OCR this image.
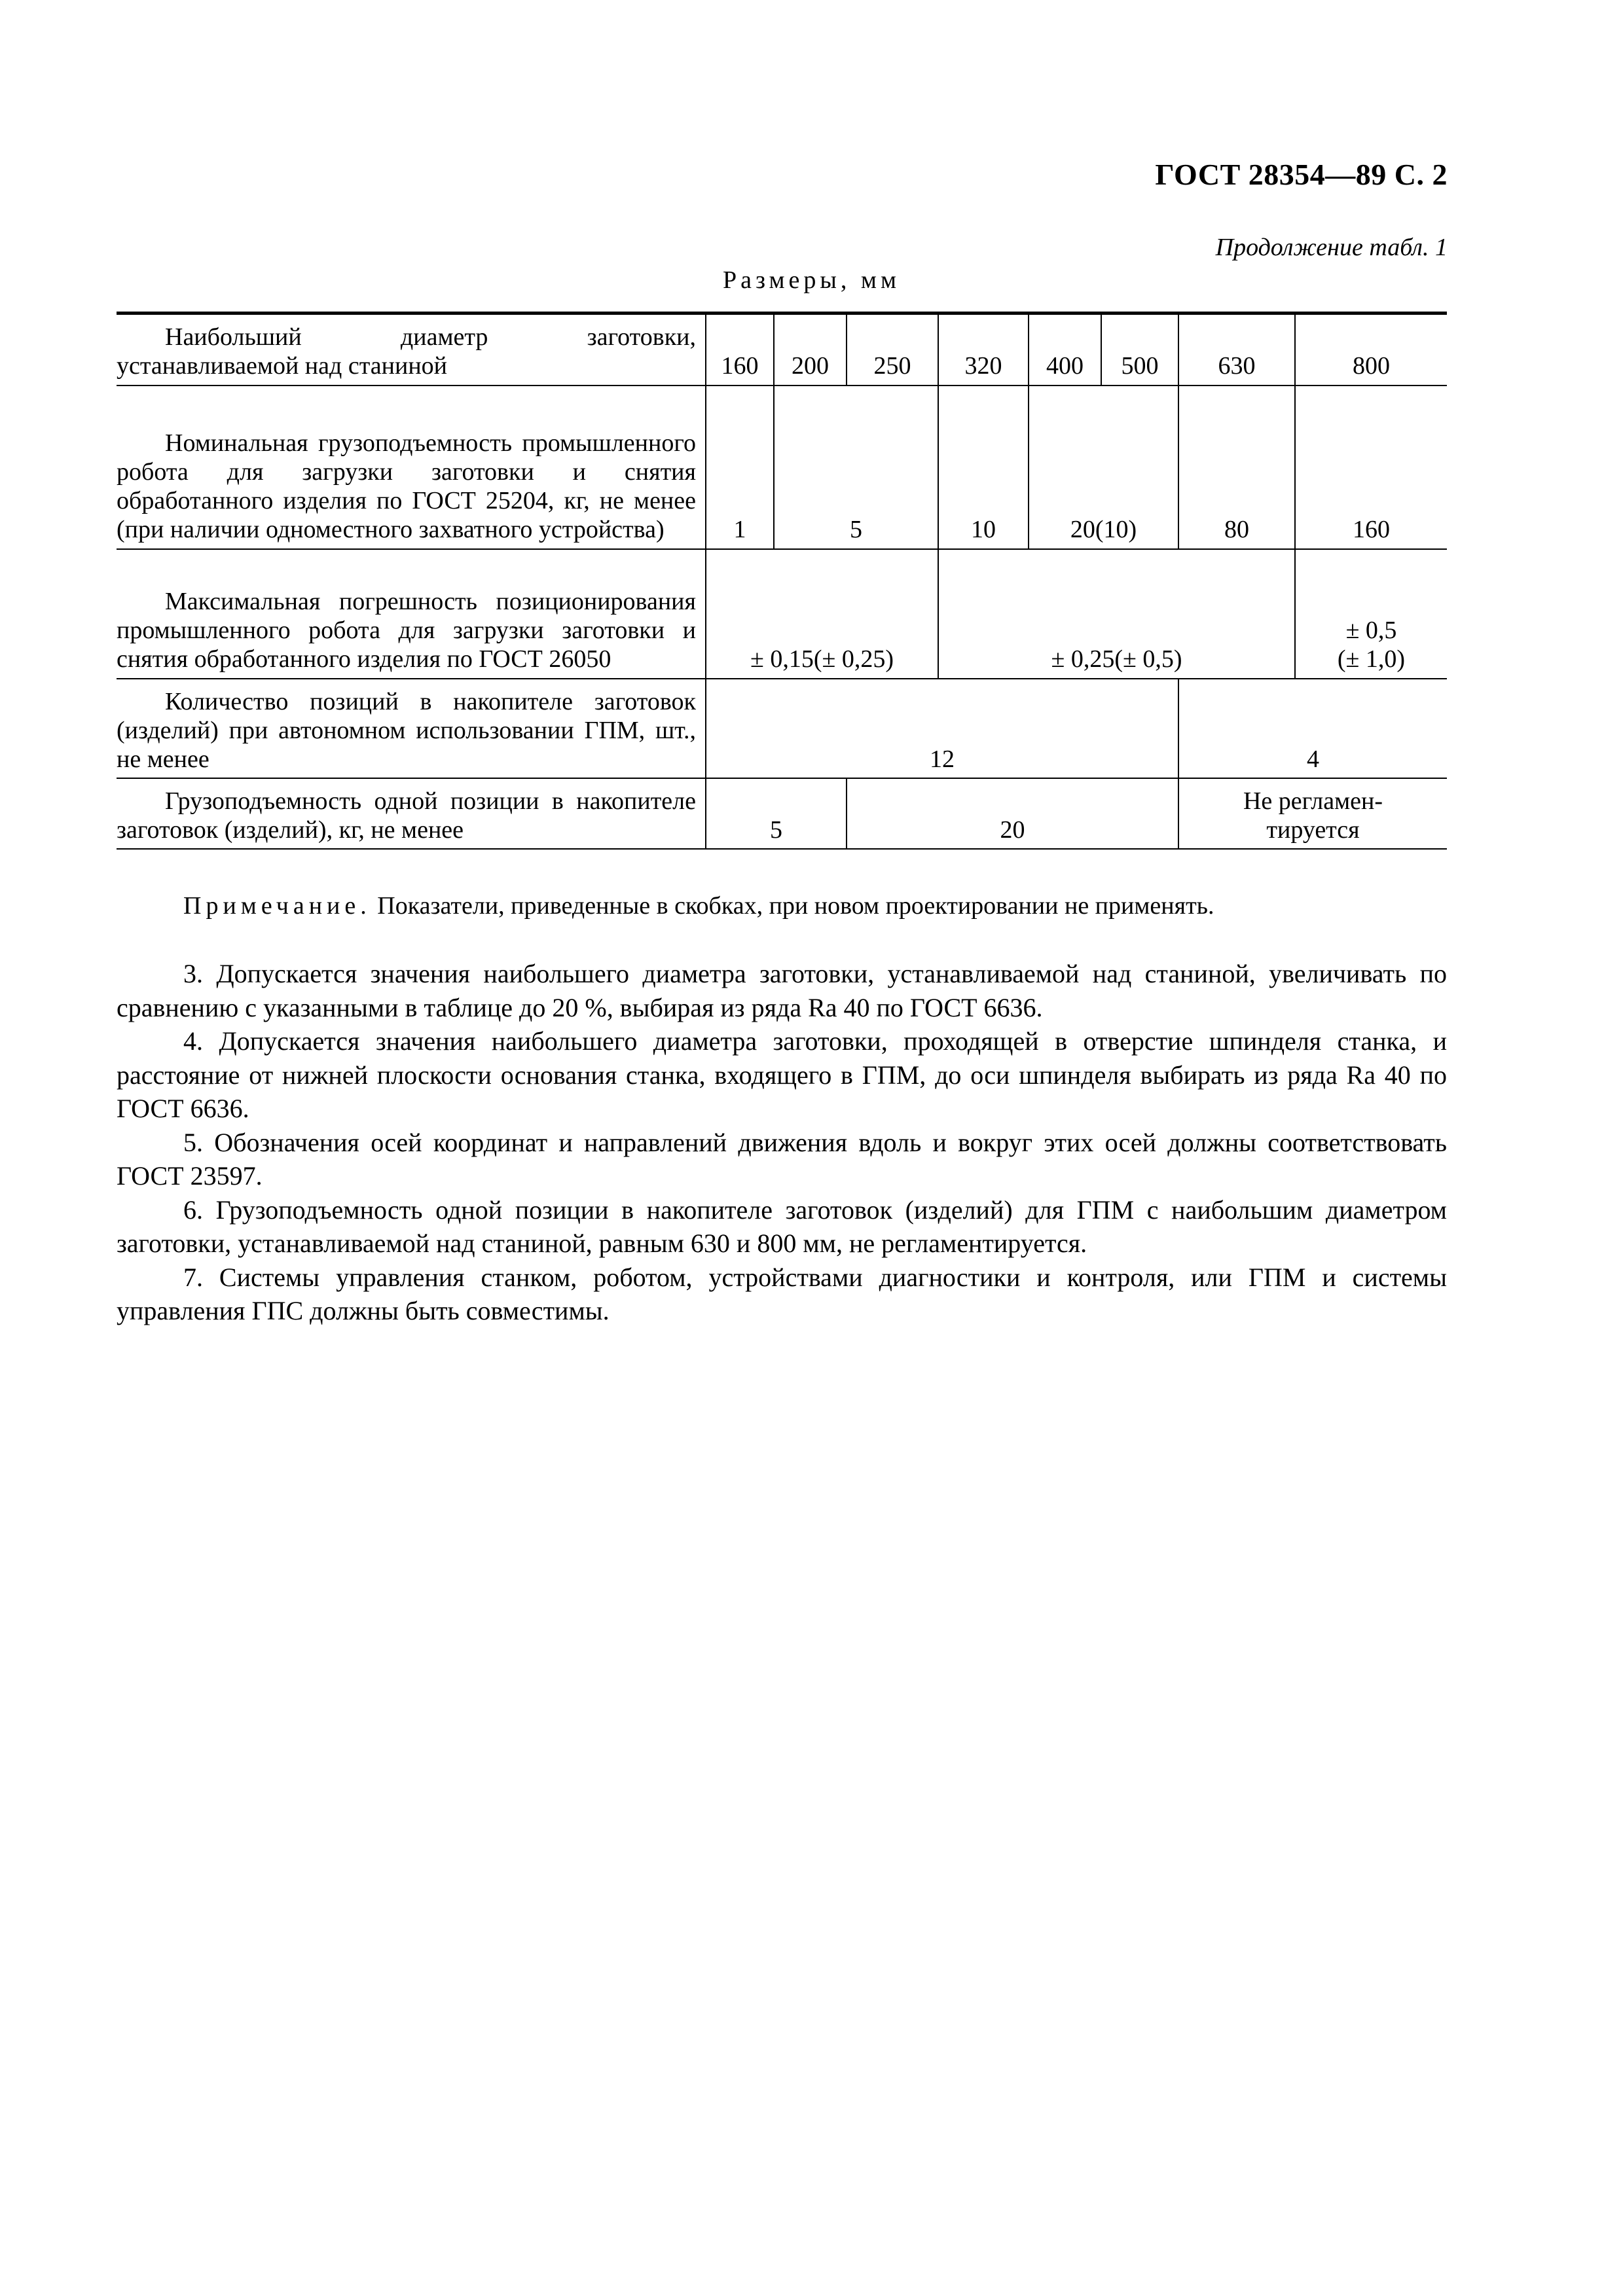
ГОСТ 28354—89 С. 2
Продолжение табл. 1
Размеры, мм
Наибольший диаметр заготовки, устанавливаемой над станиной	160	200	250	320	400	500	630	800
Номинальная грузоподъемность промышленного робота для загрузки заготовки и снятия обработанного изделия по ГОСТ 25204, кг, не менее (при наличии одноместного захватного устройства)	1	5		10	20(10)		80	160
Максимальная погрешность позиционирования промышленного робота для загрузки заготовки и снятия обработанного изделия по ГОСТ 26050	± 0,15(± 0,25)			± 0,25(± 0,5)				± 0,5
(± 1,0)
Количество позиций в накопителе заготовок (изделий) при автономном использовании ГПМ, шт., не менее	12						4	
Грузоподъемность одной позиции в накопителе заготовок (изделий), кг, не менее	5		20				Не регламен-
тируется	
Примечание. Показатели, приведенные в скобках, при новом проектировании не применять.

3. Допускается значения наибольшего диаметра заготовки, устанавливаемой над станиной, увеличивать по сравнению с указанными в таблице до 20 %, выбирая из ряда Ra 40 по ГОСТ 6636.

4. Допускается значения наибольшего диаметра заготовки, проходящей в отверстие шпинделя станка, и расстояние от нижней плоскости основания станка, входящего в ГПМ, до оси шпинделя выбирать из ряда Ra 40 по ГОСТ 6636.

5. Обозначения осей координат и направлений движения вдоль и вокруг этих осей должны соответствовать ГОСТ 23597.

6. Грузоподъемность одной позиции в накопителе заготовок (изделий) для ГПМ с наибольшим диаметром заготовки, устанавливаемой над станиной, равным 630 и 800 мм, не регламентируется.

7. Системы управления станком, роботом, устройствами диагностики и контроля, или ГПМ и системы управления ГПС должны быть совместимы.
